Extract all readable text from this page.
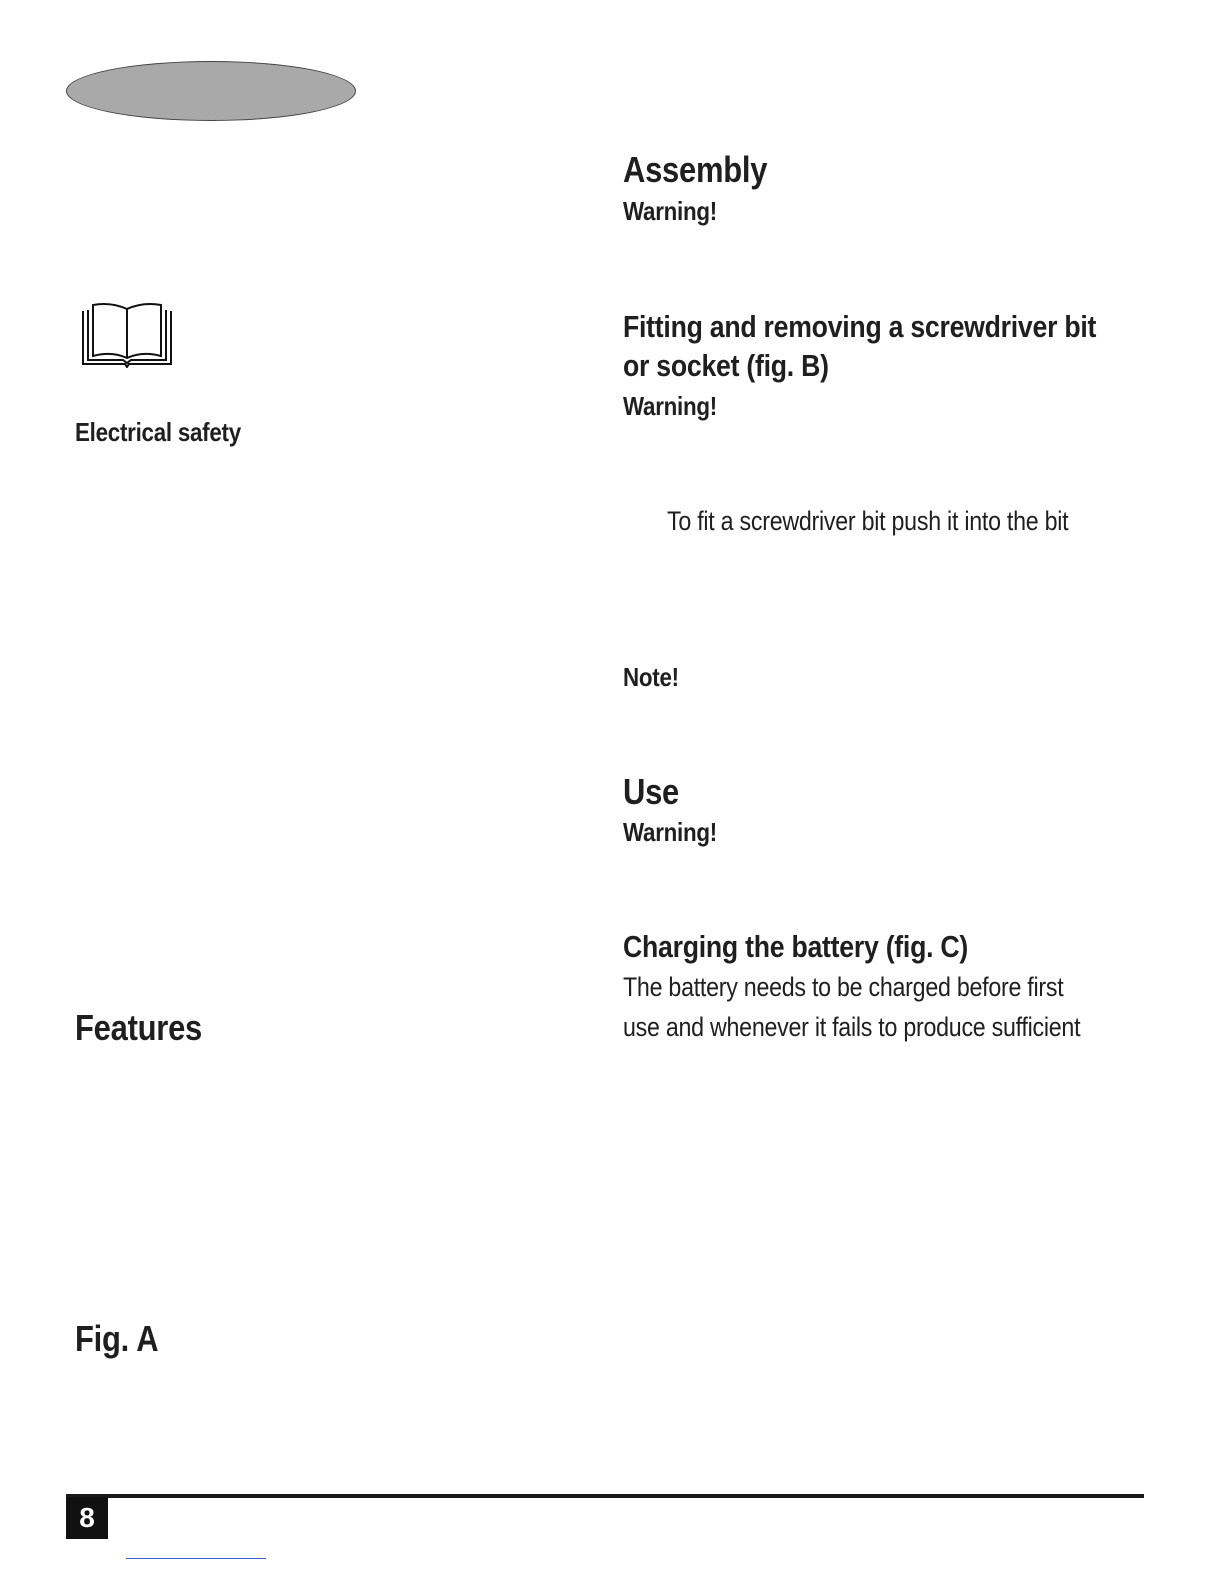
Electrical safety

Features

Fig. A

Assembly

Warning!

Fitting and removing a screwdriver bit

or socket (fig. B)

Warning!

To fit a screwdriver bit push it into the bit

Note!

Use

Warning!

Charging the battery (fig. C)

The battery needs to be charged before first

use and whenever it fails to produce sufficient

8
